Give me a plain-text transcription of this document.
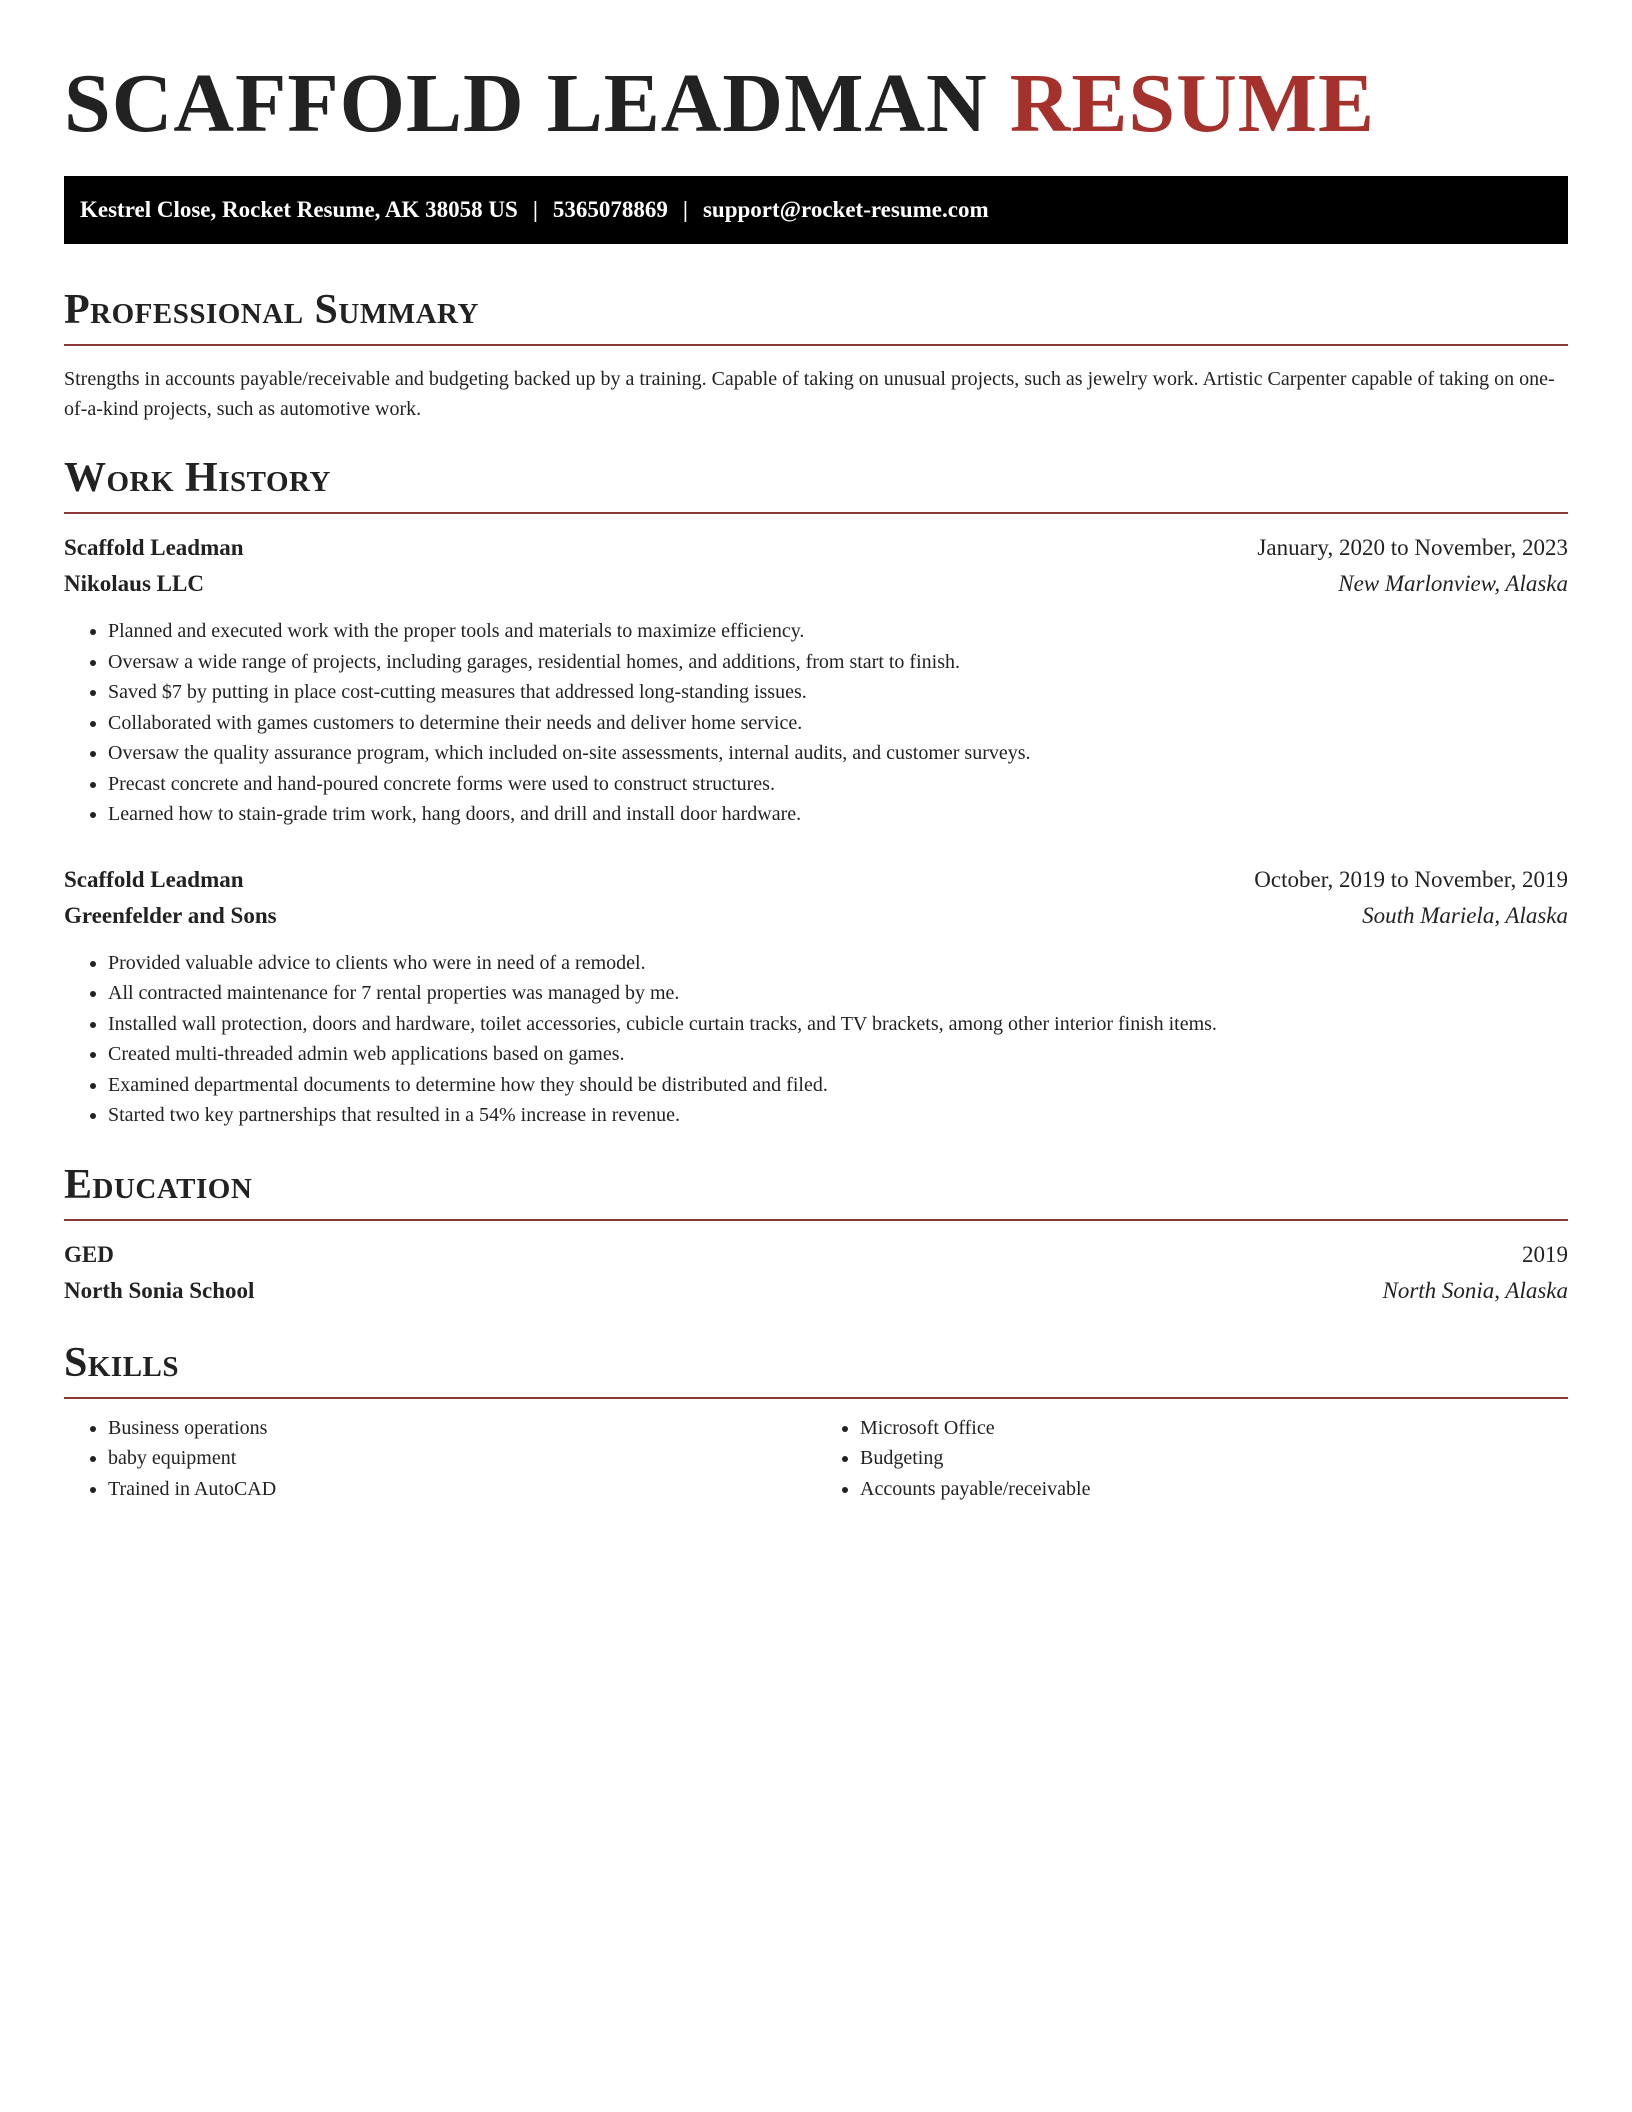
SCAFFOLD LEADMAN RESUME
Kestrel Close, Rocket Resume, AK 38058 US | 5365078869 | support@rocket-resume.com
Professional Summary

Strengths in accounts payable/receivable and budgeting backed up by a training. Capable of taking on unusual projects, such as jewelry work. Artistic Carpenter capable of taking on one-of-a-kind projects, such as automotive work.

Work History
Scaffold Leadman	January, 2020 to November, 2023
Nikolaus LLC	New Marlonview, Alaska
• Planned and executed work with the proper tools and materials to maximize efficiency.
• Oversaw a wide range of projects, including garages, residential homes, and additions, from start to finish.
• Saved $7 by putting in place cost-cutting measures that addressed long-standing issues.
• Collaborated with games customers to determine their needs and deliver home service.
• Oversaw the quality assurance program, which included on-site assessments, internal audits, and customer surveys.
• Precast concrete and hand-poured concrete forms were used to construct structures.
• Learned how to stain-grade trim work, hang doors, and drill and install door hardware.
Scaffold Leadman	October, 2019 to November, 2019
Greenfelder and Sons	South Mariela, Alaska
• Provided valuable advice to clients who were in need of a remodel.
• All contracted maintenance for 7 rental properties was managed by me.
• Installed wall protection, doors and hardware, toilet accessories, cubicle curtain tracks, and TV brackets, among other interior finish items.
• Created multi-threaded admin web applications based on games.
• Examined departmental documents to determine how they should be distributed and filed.
• Started two key partnerships that resulted in a 54% increase in revenue.
Education
GED	2019
North Sonia School	North Sonia, Alaska
Skills
• Business operations
• baby equipment
• Trained in AutoCAD
• Microsoft Office
• Budgeting
• Accounts payable/receivable
